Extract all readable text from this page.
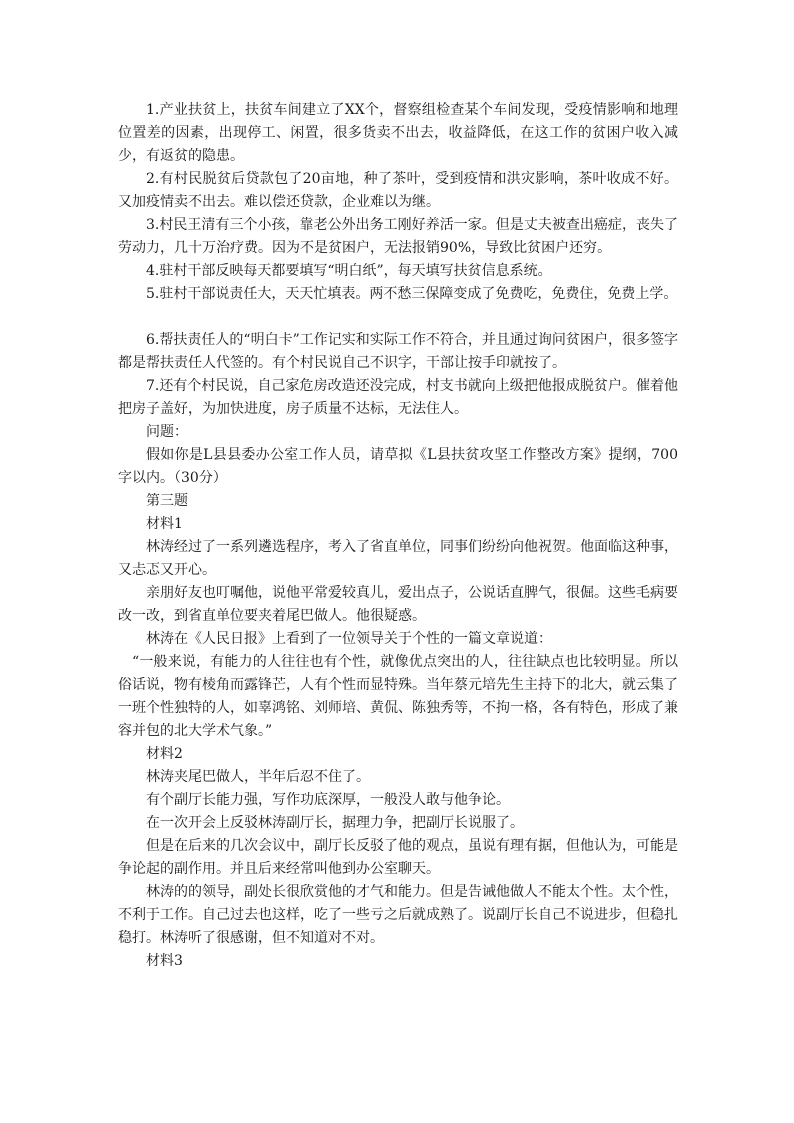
1.产业扶贫上，扶贫车间建立了XX个，督察组检查某个车间发现，受疫情影响和地理位置差的因素，出现停工、闲置，很多货卖不出去，收益降低，在这工作的贫困户收入减少，有返贫的隐患。

2.有村民脱贫后贷款包了20亩地，种了茶叶，受到疫情和洪灾影响，茶叶收成不好。又加疫情卖不出去。难以偿还贷款，企业难以为继。

3.村民王清有三个小孩，靠老公外出务工刚好养活一家。但是丈夫被查出癌症，丧失了劳动力，几十万治疗费。因为不是贫困户，无法报销90%，导致比贫困户还穷。

4.驻村干部反映每天都要填写“明白纸”，每天填写扶贫信息系统。

5.驻村干部说责任大，天天忙填表。两不愁三保障变成了免费吃，免费住，免费上学。

6.帮扶责任人的“明白卡”工作记实和实际工作不符合，并且通过询问贫困户，很多签字都是帮扶责任人代签的。有个村民说自己不识字，干部让按手印就按了。

7.还有个村民说，自己家危房改造还没完成，村支书就向上级把他报成脱贫户。催着他把房子盖好，为加快进度，房子质量不达标，无法住人。

问题：

假如你是L县县委办公室工作人员，请草拟《L县扶贫攻坚工作整改方案》提纲，700字以内。（30分）

第三题

材料1

林涛经过了一系列遴选程序，考入了省直单位，同事们纷纷向他祝贺。他面临这种事，又忐忑又开心。

亲朋好友也叮嘱他，说他平常爱较真儿，爱出点子，公说话直脾气，很倔。这些毛病要改一改，到省直单位要夹着尾巴做人。他很疑惑。

林涛在《人民日报》上看到了一位领导关于个性的一篇文章说道：

“一般来说，有能力的人往往也有个性，就像优点突出的人，往往缺点也比较明显。所以俗话说，物有棱角而露锋芒，人有个性而显特殊。当年蔡元培先生主持下的北大，就云集了一班个性独特的人，如辜鸿铭、刘师培、黄侃、陈独秀等，不拘一格，各有特色，形成了兼容并包的北大学术气象。”

材料2

林涛夹尾巴做人，半年后忍不住了。

有个副厅长能力强，写作功底深厚，一般没人敢与他争论。

在一次开会上反驳林涛副厅长，据理力争，把副厅长说服了。

但是在后来的几次会议中，副厅长反驳了他的观点，虽说有理有据，但他认为，可能是争论起的副作用。并且后来经常叫他到办公室聊天。

林涛的的领导，副处长很欣赏他的才气和能力。但是告诫他做人不能太个性。太个性，不利于工作。自己过去也这样，吃了一些亏之后就成熟了。说副厅长自己不说进步，但稳扎稳打。林涛听了很感谢，但不知道对不对。

材料3
